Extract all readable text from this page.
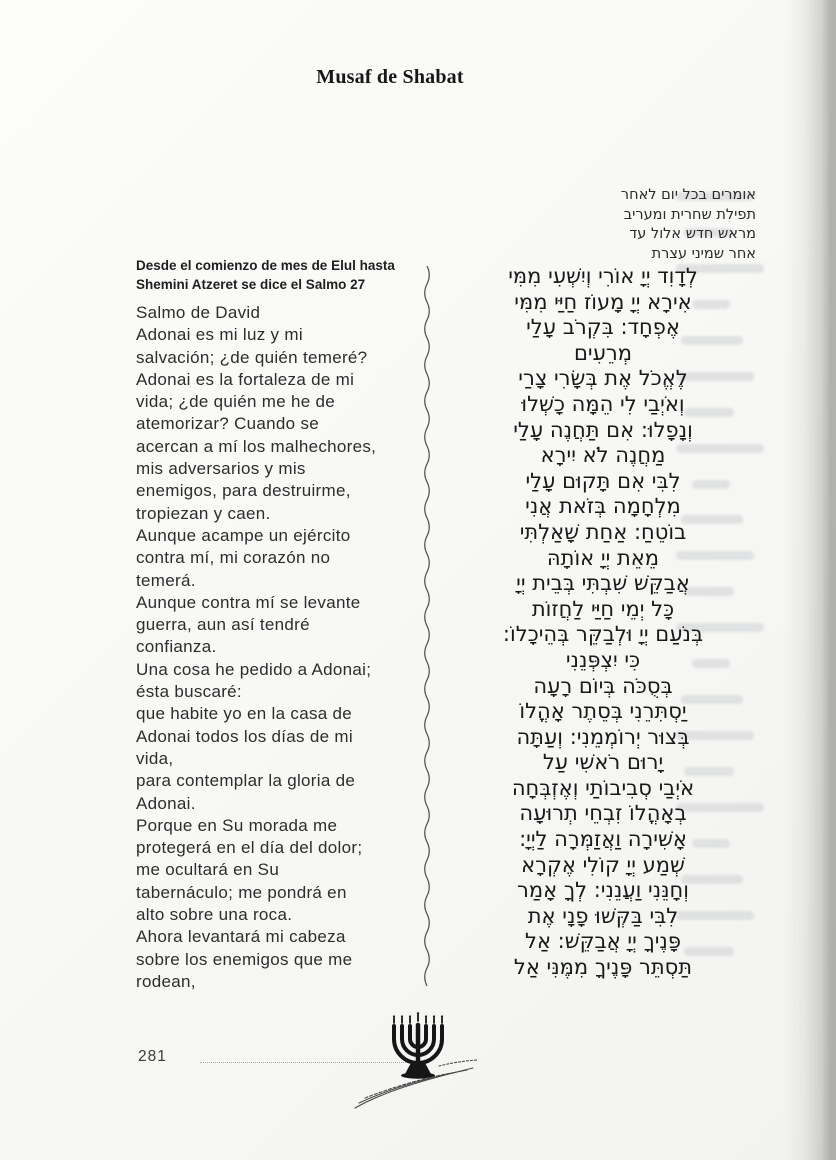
Musaf de Shabat
אומרים בכל יום לאחר
תפילת שחרית ומעריב
מראש חדש אלול עד
אחר שמיני עצרת
לְדָוִד יְיָ אוֹרִי וְיִשְׁעִי מִמִּי
אִירָא יְיָ מָעוֹז חַיַּי מִמִּי
אֶפְחָד: בִּקְרֹב עָלַי
מְרֵעִים
לֶאֱכֹל אֶת בְּשָׂרִי צָרַי
וְאֹיְבַי לִי הֵמָּה כָשְׁלוּ
וְנָפָלוּ: אִם תַּחֲנֶה עָלַי
מַחֲנֶה לֹא יִירָא
לִבִּי אִם תָּקוּם עָלַי
מִלְחָמָה בְּזֹאת אֲנִי
בוֹטֵחַ: אַחַת שָׁאַלְתִּי
מֵאֵת יְיָ אוֹתָהּ
אֲבַקֵּשׁ שִׁבְתִּי בְּבֵית יְיָ
כָּל יְמֵי חַיַּי לַחֲזוֹת
בְּנֹעַם יְיָ וּלְבַקֵּר בְּהֵיכָלוֹ:
כִּי יִצְפְּנֵנִי
בְּסֻכֹּה בְּיוֹם רָעָה
יַסְתִּרֵנִי בְּסֵתֶר אָהֳלוֹ
בְּצוּר יְרוֹמְמֵנִי: וְעַתָּה
יָרוּם רֹאשִׁי עַל
אֹיְבַי סְבִיבוֹתַי וְאֶזְבְּחָה
בְאָהֳלוֹ זִבְחֵי תְרוּעָה
אָשִׁירָה וַאֲזַמְּרָה לַיְיָ:
שְׁמַע יְיָ קוֹלִי אֶקְרָא
וְחָנֵּנִי וַעֲנֵנִי: לְךָ אָמַר
לִבִּי בַּקְּשׁוּ פָנָי אֶת
פָּנֶיךָ יְיָ אֲבַקֵּשׁ: אַל
תַּסְתֵּר פָּנֶיךָ מִמֶּנִּי אַל
Desde el comienzo de mes de Elul hasta
Shemini Atzeret se dice el Salmo 27
Salmo de David
Adonai es mi luz y mi
salvación; ¿de quién temeré?
Adonai es la fortaleza de mi
vida; ¿de quién me he de
atemorizar? Cuando se
acercan a mí los malhechores,
mis adversarios y mis
enemigos, para destruirme,
tropiezan y caen.
Aunque acampe un ejército
contra mí, mi corazón no
temerá.
Aunque contra mí se levante
guerra, aun así tendré
confianza.
Una cosa he pedido a Adonai;
ésta buscaré:
que habite yo en la casa de
Adonai todos los días de mi
vida,
para contemplar la gloria de
Adonai.
Porque en Su morada me
protegerá en el día del dolor;
me ocultará en Su
tabernáculo; me pondrá en
alto sobre una roca.
Ahora levantará mi cabeza
sobre los enemigos que me
rodean,
281
